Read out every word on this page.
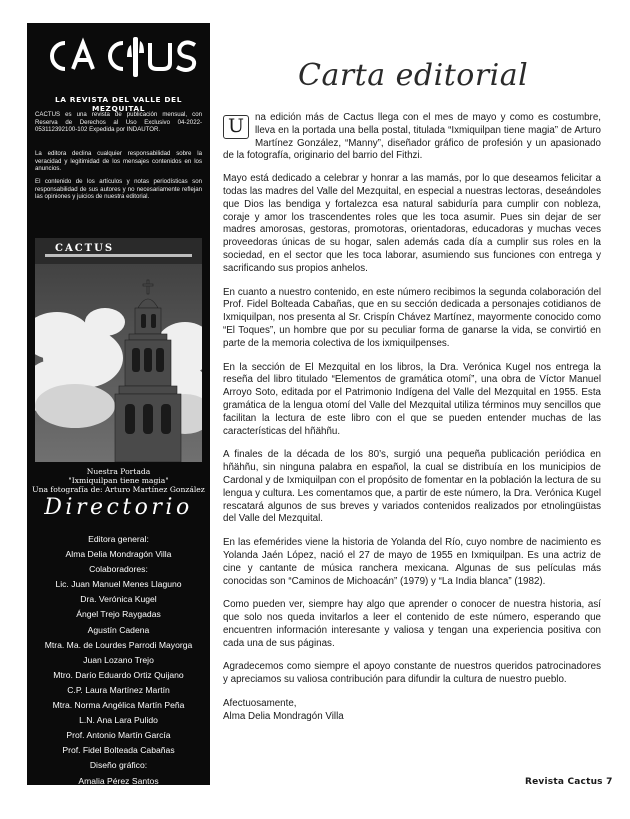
LA REVISTA DEL VALLE DEL MEZQUITAL

CACTUS es una revista de publicación mensual, con Reserva de Derechos al Uso Exclusivo 04-2022-053112392100-102 Expedida por INDAUTOR.

La editora declina cualquier responsabilidad sobre la veracidad y legitimidad de los mensajes contenidos en los anuncios.

El contenido de los artículos y notas periodísticas son responsabilidad de sus autores y no necesariamente reflejan las opiniones y juicios de nuestra editorial.

CACTUS
Nuestra Portada
"Ixmiquilpan tiene magia"
Una fotografía de: Arturo Martínez González
Directorio
Editora general:
Alma Delia Mondragón Villa
Colaboradores:
Lic. Juan Manuel Menes Llaguno
Dra. Verónica Kugel
Ángel Trejo Raygadas
Agustín Cadena
Mtra. Ma. de Lourdes Parrodi Mayorga
Juan Lozano Trejo
Mtro. Darío Eduardo Ortiz Quijano
C.P. Laura Martínez Martín
Mtra. Norma Angélica Martín Peña
L.N. Ana Lara Pulido
Prof. Antonio Martín García
Prof. Fidel Bolteada Cabañas
Diseño gráfico:
Amalia Pérez Santos
Corrección de estilo:
Lic. Ximena López Mondragón
Carta editorial

U	na edición más de Cactus llega con el mes de mayo y como es costumbre, lleva en la portada una bella postal, titulada “Ixmiquilpan tiene magia” de Arturo Martínez González, “Manny”, diseñador gráfico de profesión y un apasionado de la fotografía, originario del barrio del Fithzi.

Mayo está dedicado a celebrar y honrar a las mamás, por lo que deseamos felicitar a todas las madres del Valle del Mezquital, en especial a nuestras lectoras, deseándoles que Dios las bendiga y fortalezca esa natural sabiduría para cumplir con nobleza, coraje y amor los trascendentes roles que les toca asumir. Pues sin dejar de ser madres amorosas, gestoras, promotoras, orientadoras, educadoras y muchas veces proveedoras únicas de su hogar, salen además cada día a cumplir sus roles en la sociedad, en el sector que les toca laborar, asumiendo sus funciones con entrega y sacrificando sus propios anhelos.

En cuanto a nuestro contenido, en este número recibimos la segunda colaboración del Prof. Fidel Bolteada Cabañas, que en su sección dedicada a personajes cotidianos de Ixmiquilpan, nos presenta al Sr. Crispín Chávez Martínez, mayormente conocido como “El Toques”, un hombre que por su peculiar forma de ganarse la vida, se convirtió en parte de la memoria colectiva de los ixmiquilpenses.

En la sección de El Mezquital en los libros, la Dra. Verónica Kugel nos entrega la reseña del libro titulado “Elementos de gramática otomí”, una obra de Víctor Manuel Arroyo Soto, editada por el Patrimonio Indígena del Valle del Mezquital en 1955. Esta gramática de la lengua otomí del Valle del Mezquital utiliza términos muy sencillos que facilitan la lectura de este libro con el que se pueden entender muchas de las características del hñähñu.

A finales de la década de los 80’s, surgió una pequeña publicación periódica en hñähñu, sin ninguna palabra en español, la cual se distribuía en los municipios de Cardonal y de Ixmiquilpan con el propósito de fomentar en la población la lectura de su lengua y cultura. Les comentamos que, a partir de este número, la Dra. Verónica Kugel rescatará algunos de sus breves y variados contenidos realizados por etnolingüistas del Valle del Mezquital.

En las efemérides viene la historia de Yolanda del Río, cuyo nombre de nacimiento es Yolanda Jaén López, nació el 27 de mayo de 1955 en Ixmiquilpan. Es una actriz de cine y cantante de música ranchera mexicana. Algunas de sus películas más conocidas son “Caminos de Michoacán” (1979) y “La India blanca” (1982).

Como pueden ver, siempre hay algo que aprender o conocer de nuestra historia, así que solo nos queda invitarlos a leer el contenido de este número, esperando que encuentren información interesante y valiosa y tengan una experiencia positiva con cada una de sus páginas.

Agradecemos como siempre el apoyo constante de nuestros queridos patrocinadores y apreciamos su valiosa contribución para difundir la cultura de nuestro pueblo.

Afectuosamente,

Alma Delia Mondragón Villa

Revista Cactus 7
